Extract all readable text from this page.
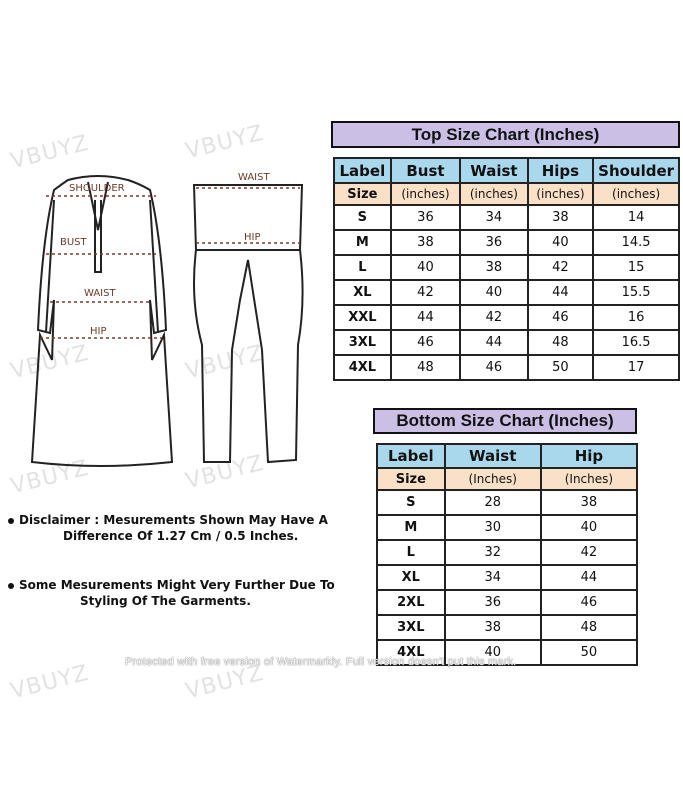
VBUYZ	VBUYZ
VBUYZ	VBUYZ
VBUYZ	VBUYZ
VBUYZ	VBUYZ
SHOULDER
BUST
WAIST
HIP
WAIST
HIP
Top Size Chart (Inches)
Label	Bust	Waist	Hips	Shoulder
Size	(inches)	(inches)	(inches)	(inches)
S	36	34	38	14
M	38	36	40	14.5
L	40	38	42	15
XL	42	40	44	15.5
XXL	44	42	46	16
3XL	46	44	48	16.5
4XL	48	46	50	17
Bottom Size Chart (Inches)
Label	Waist	Hip
Size	(Inches)	(Inches)
S	28	38
M	30	40
L	32	42
XL	34	44
2XL	36	46
3XL	38	48
4XL	40	50
Disclaimer : Mesurements Shown May Have A
Difference Of 1.27 Cm / 0.5 Inches.
Some Mesurements Might Very Further Due To
Styling Of The Garments.
Protected with free version of Watermarkly. Full version doesn't put this mark.
